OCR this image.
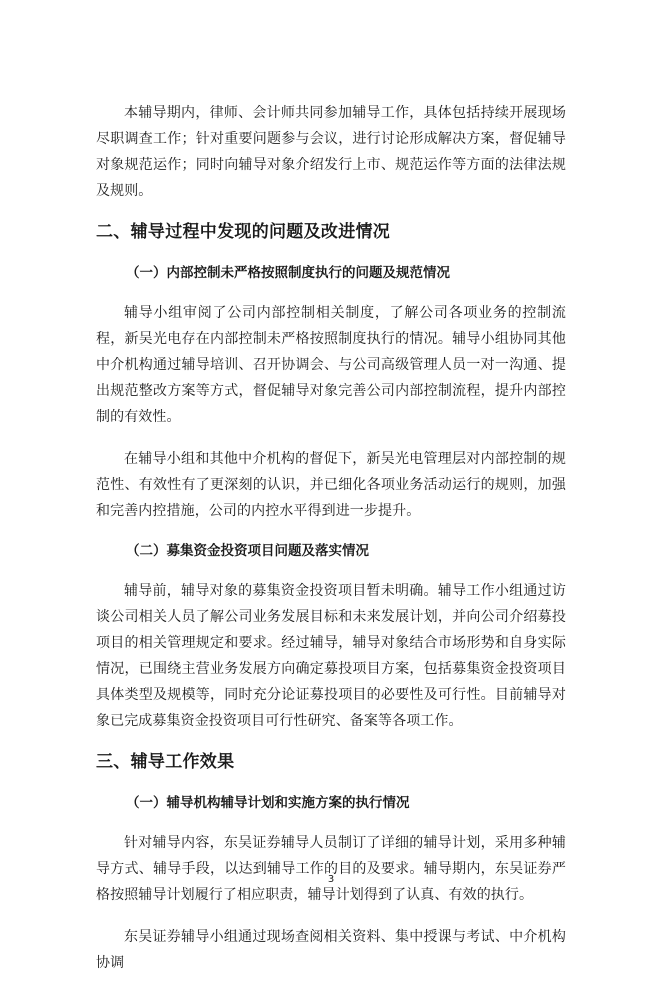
本辅导期内，律师、会计师共同参加辅导工作，具体包括持续开展现场尽职调查工作；针对重要问题参与会议，进行讨论形成解决方案，督促辅导对象规范运作；同时向辅导对象介绍发行上市、规范运作等方面的法律法规及规则。

二、辅导过程中发现的问题及改进情况
（一）内部控制未严格按照制度执行的问题及规范情况

辅导小组审阅了公司内部控制相关制度，了解公司各项业务的控制流程，新吴光电存在内部控制未严格按照制度执行的情况。辅导小组协同其他中介机构通过辅导培训、召开协调会、与公司高级管理人员一对一沟通、提出规范整改方案等方式，督促辅导对象完善公司内部控制流程，提升内部控制的有效性。

在辅导小组和其他中介机构的督促下，新吴光电管理层对内部控制的规范性、有效性有了更深刻的认识，并已细化各项业务活动运行的规则，加强和完善内控措施，公司的内控水平得到进一步提升。

（二）募集资金投资项目问题及落实情况

辅导前，辅导对象的募集资金投资项目暂未明确。辅导工作小组通过访谈公司相关人员了解公司业务发展目标和未来发展计划，并向公司介绍募投项目的相关管理规定和要求。经过辅导，辅导对象结合市场形势和自身实际情况，已围绕主营业务发展方向确定募投项目方案，包括募集资金投资项目具体类型及规模等，同时充分论证募投项目的必要性及可行性。目前辅导对象已完成募集资金投资项目可行性研究、备案等各项工作。

三、辅导工作效果
（一）辅导机构辅导计划和实施方案的执行情况

针对辅导内容，东吴证券辅导人员制订了详细的辅导计划，采用多种辅导方式、辅导手段，以达到辅导工作的目的及要求。辅导期内，东吴证券严格按照辅导计划履行了相应职责，辅导计划得到了认真、有效的执行。

东吴证券辅导小组通过现场查阅相关资料、集中授课与考试、中介机构协调

3
